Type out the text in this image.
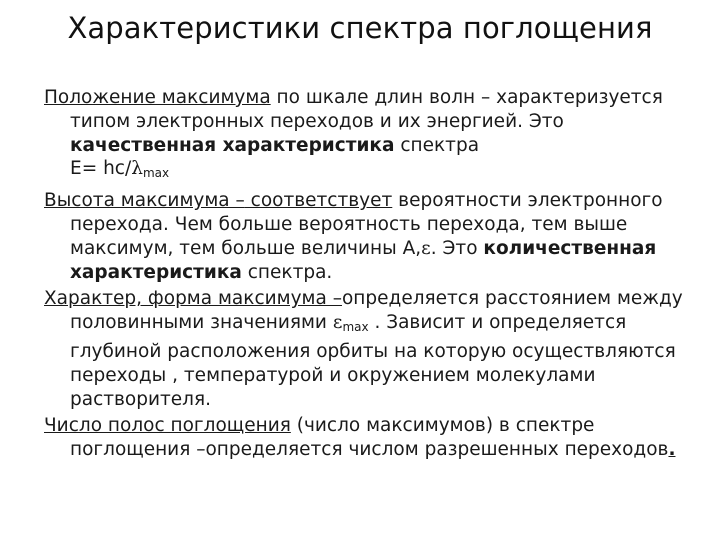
Характеристики спектра поглощения
Положение максимума по шкале длин волн – характеризуется типом электронных переходов и их энергией. Это качественная характеристика спектра
$E= hc/\lambda_{max}$
Высота максимума – соответствует вероятности электронного перехода. Чем больше вероятность перехода, тем выше максимум, тем больше величины А,ε. Это количественная характеристика спектра.
Характер, форма максимума –определяется расстоянием между половинными значениями $\varepsilon_{max}$ . Зависит и определяется глубиной расположения орбиты на которую осуществляются переходы , температурой и окружением молекулами растворителя.
Число полос поглощения (число максимумов) в спектре поглощения –определяется числом разрешенных переходов.
